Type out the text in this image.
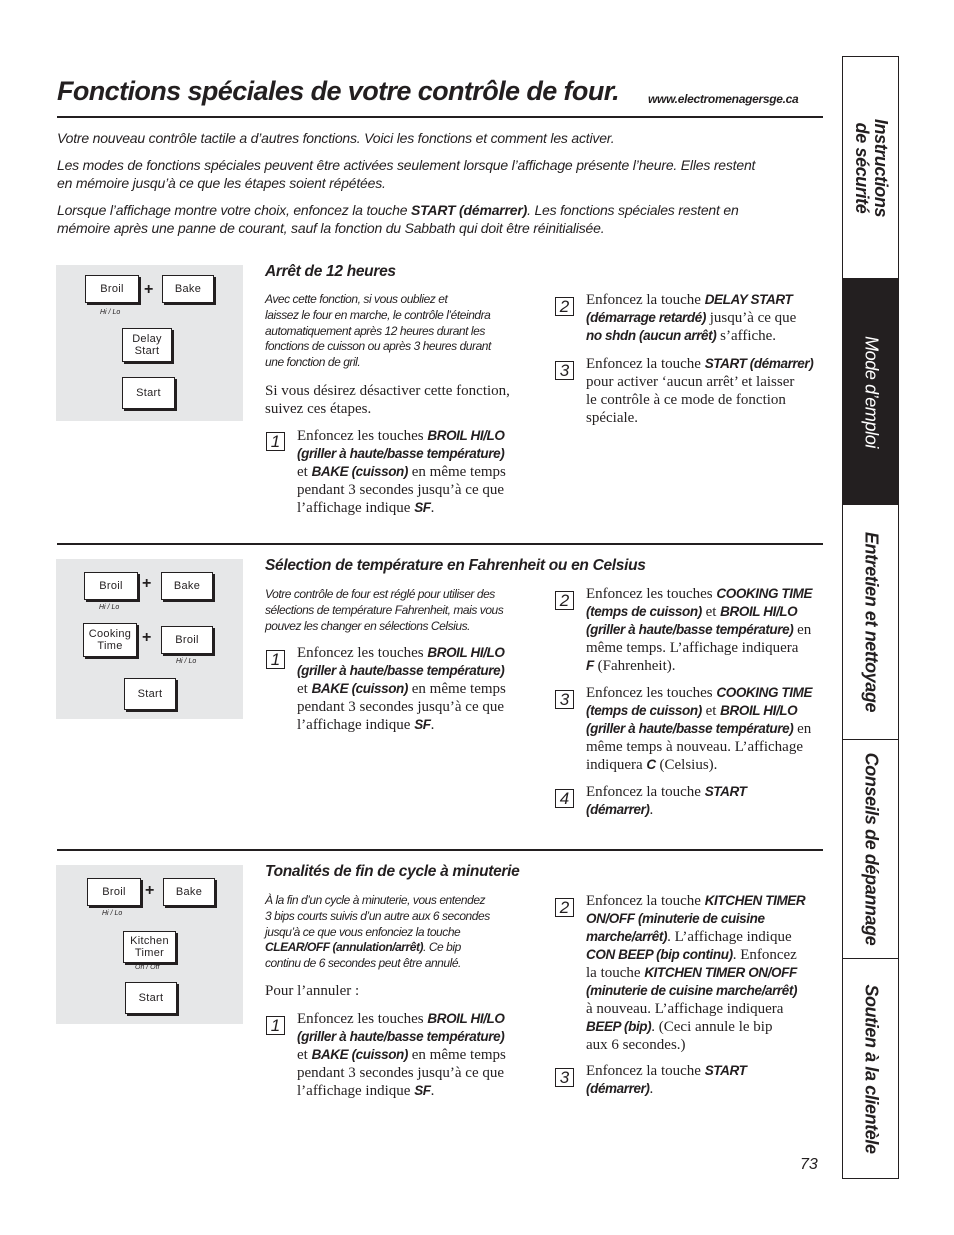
Fonctions spéciales de votre contrôle de four. www.electromenagersge.ca
Votre nouveau contrôle tactile a d’autres fonctions. Voici les fonctions et comment les activer.
Les modes de fonctions spéciales peuvent être activées seulement lorsque l’affichage présente l’heure. Elles restent
en mémoire jusqu’à ce que les étapes soient répétées.
Lorsque l’affichage montre votre choix, enfoncez la touche START (démarrer). Les fonctions spéciales restent en
mémoire après une panne de courant, sauf la fonction du Sabbath qui doit être réinitialisée.
Broil
Hi / Lo
+ Bake
Delay
Start
Start
Arrêt de 12 heures
Avec cette fonction, si vous oubliez et
laissez le four en marche, le contrôle l’éteindra
automatiquement après 12 heures durant les
fonctions de cuisson ou après 3 heures durant
une fonction de gril.
Si vous désirez désactiver cette fonction,
suivez ces étapes.
1	Enfoncez les touches BROIL HI/LO
(griller à haute/basse température)
et BAKE (cuisson) en même temps
pendant 3 secondes jusqu’à ce que
l’affichage indique SF.
2	Enfoncez la touche DELAY START
(démarrage retardé) jusqu’à ce que
no shdn (aucun arrêt) s’affiche.
3	Enfoncez la touche START (démarrer)
pour activer ‘aucun arrêt’ et laisser
le contrôle à ce mode de fonction
spéciale.
Broil
Hi / Lo
+ Bake
Cooking
Time + Broil
Hi / Lo
Start
Sélection de température en Fahrenheit ou en Celsius
Votre contrôle de four est réglé pour utiliser des
sélections de température Fahrenheit, mais vous
pouvez les changer en sélections Celsius.
1	Enfoncez les touches BROIL HI/LO
(griller à haute/basse température)
et BAKE (cuisson) en même temps
pendant 3 secondes jusqu’à ce que
l’affichage indique SF.
2	Enfoncez les touches COOKING TIME
(temps de cuisson) et BROIL HI/LO
(griller à haute/basse température) en
même temps. L’affichage indiquera
F (Fahrenheit).
3	Enfoncez les touches COOKING TIME
(temps de cuisson) et BROIL HI/LO
(griller à haute/basse température) en
même temps à nouveau. L’affichage
indiquera C (Celsius).
4	Enfoncez la touche START
(démarrer).
Broil
Hi / Lo
+ Bake
Kitchen
Timer
On / Off
Start
Tonalités de fin de cycle à minuterie
À la fin d’un cycle à minuterie, vous entendez
3 bips courts suivis d’un autre aux 6 secondes
jusqu’à ce que vous enfonciez la touche
CLEAR/OFF (annulation/arrêt). Ce bip
continu de 6 secondes peut être annulé.
Pour l’annuler :
1	Enfoncez les touches BROIL HI/LO
(griller à haute/basse température)
et BAKE (cuisson) en même temps
pendant 3 secondes jusqu’à ce que
l’affichage indique SF.
2	Enfoncez la touche KITCHEN TIMER
ON/OFF (minuterie de cuisine
marche/arrêt). L’affichage indique
CON BEEP (bip continu). Enfoncez
la touche KITCHEN TIMER ON/OFF
(minuterie de cuisine marche/arrêt)
à nouveau. L’affichage indiquera
BEEP (bip). (Ceci annule le bip
aux 6 secondes.)
3	Enfoncez la touche START
(démarrer).
73
Instructions
de sécurité
Mode d’emploi
Entretien et nettoyage
Conseils de dépannage
Soutien à la clientèle
